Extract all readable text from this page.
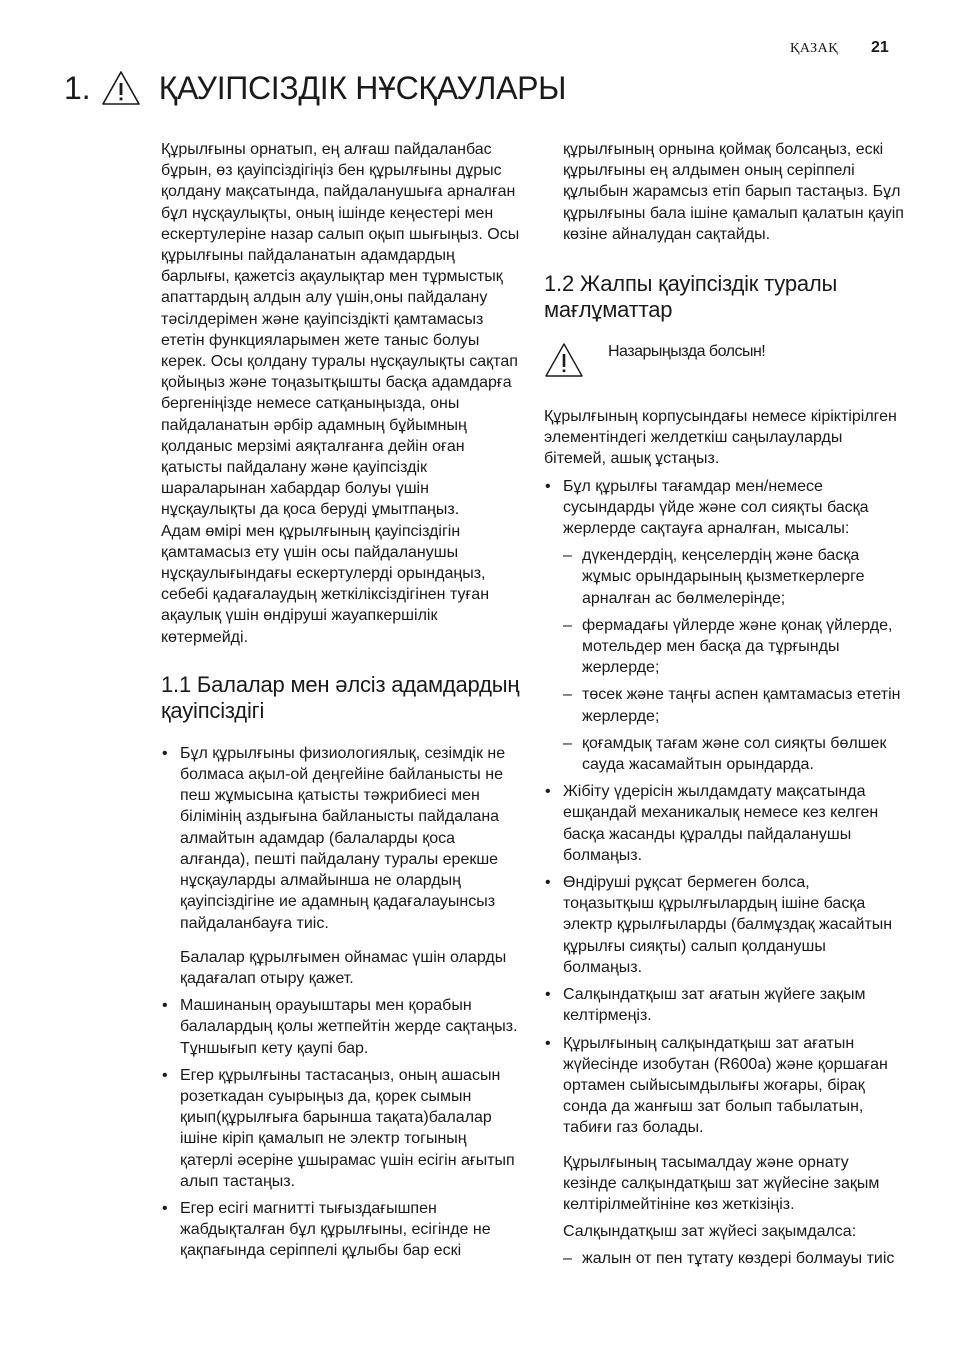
ҚАЗАҚ 21
1. ҚАУІПСІЗДІК НҰСҚАУЛАРЫ

Құрылғыны орнатып, ең алғаш пайдаланбас бұрын, өз қауіпсіздігіңіз бен құрылғыны дұрыс қолдану мақсатында, пайдаланушыға арналған бұл нұсқаулықты, оның ішінде кеңестері мен ескертулеріне назар салып оқып шығыңыз. Осы құрылғыны пайдаланатын адамдардың барлығы, қажетсіз ақаулықтар мен тұрмыстық апаттардың алдын алу үшін,оны пайдалану тәсілдерімен және қауіпсіздікті қамтамасыз ететін функцияларымен жете таныс болуы керек. Осы қолдану туралы нұсқаулықты сақтап қойыңыз және тоңазытқышты басқа адамдарға бергеніңізде немесе сатқаныңызда, оны пайдаланатын әрбір адамның бұйымның қолданыс мерзімі аяқталғанға дейін оған қатысты пайдалану және қауіпсіздік шараларынан хабардар болуы үшін нұсқаулықты да қоса беруді ұмытпаңыз.

Адам өмірі мен құрылғының қауіпсіздігін қамтамасыз ету үшін осы пайдаланушы нұсқаулығындағы ескертулерді орындаңыз, себебі қадағалаудың жеткіліксіздігінен туған ақаулық үшін өндіруші жауапкершілік көтермейді.

1.1 Балалар мен әлсіз адамдардың қауіпсіздігі
• Бұл құрылғыны физиологиялық, сезімдік не болмаса ақыл-ой деңгейіне байланысты не пеш жұмысына қатысты тәжрибиесі мен білімінің аздығына байланысты пайдалана алмайтын адамдар (балаларды қоса алғанда), пешті пайдалану туралы ерекше нұсқауларды алмайынша не олардың қауіпсіздігіне ие адамның қадағалауынсыз пайдаланбауға тиіс.

Балалар құрылғымен ойнамас үшін оларды қадағалап отыру қажет.

• Машинаның орауыштары мен қорабын балалардың қолы жетпейтін жерде сақтаңыз. Тұншығып кету қаупі бар.
• Егер құрылғыны тастасаңыз, оның ашасын розеткадан суырыңыз да, қорек сымын қиып(құрылғыға барынша тақата)балалар ішіне кіріп қамалып не электр тогының қатерлі әсеріне ұшырамас үшін есігін ағытып алып тастаңыз.
• Егер есігі магнитті тығыздағышпен жабдықталған бұл құрылғыны, есігінде не қақпағында серіппелі құлыбы бар ескі

құрылғының орнына қоймақ болсаңыз, ескі құрылғыны ең алдымен оның серіппелі құлыбын жарамсыз етіп барып тастаңыз. Бұл құрылғыны бала ішіне қамалып қалатын қауіп көзіне айналудан сақтайды.

1.2 Жалпы қауіпсіздік туралы мағлұматтар
Назарыңызда болсын!

Құрылғының корпусындағы немесе кіріктірілген элементіндегі желдеткіш саңылауларды бітемей, ашық ұстаңыз.

• Бұл құрылғы тағамдар мен/немесе сусындарды үйде және сол сияқты басқа жерлерде сақтауға арналған, мысалы:
– дүкендердің, кеңселердің және басқа жұмыс орындарының қызметкерлерге арналған ас бөлмелерінде;
– фермадағы үйлерде және қонақ үйлерде, мотельдер мен басқа да тұрғынды жерлерде;
– төсек және таңғы аспен қамтамасыз ететін жерлерде;
– қоғамдық тағам және сол сияқты бөлшек сауда жасамайтын орындарда.
• Жібіту үдерісін жылдамдату мақсатында ешқандай механикалық немесе кез келген басқа жасанды құралды пайдаланушы болмаңыз.
• Өндіруші рұқсат бермеген болса, тоңазытқыш құрылғылардың ішіне басқа электр құрылғыларды (балмұздақ жасайтын құрылғы сияқты) салып қолданушы болмаңыз.
• Салқындатқыш зат ағатын жүйеге зақым келтірмеңіз.
• Құрылғының салқындатқыш зат ағатын жүйесінде изобутан (R600a) және қоршаған ортамен сыйысымдылығы жоғары, бірақ сонда да жанғыш зат болып табылатын, табиғи газ болады.

Құрылғының тасымалдау және орнату кезінде салқындатқыш зат жүйесіне зақым келтірілмейтініне көз жеткізіңіз.

Салқындатқыш зат жүйесі зақымдалса:

– жалын от пен тұтату көздері болмауы тиіс
